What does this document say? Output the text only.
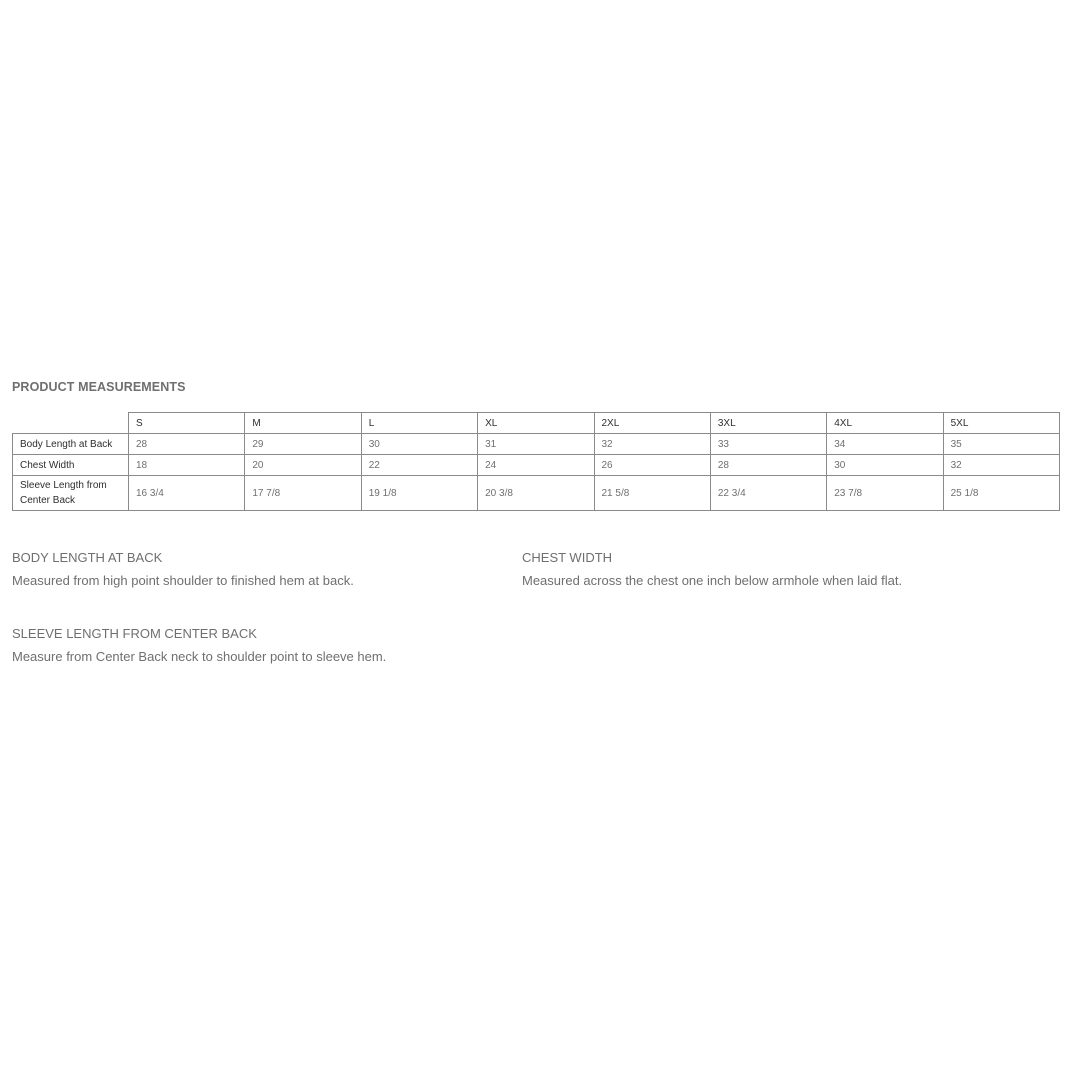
PRODUCT MEASUREMENTS
	S	M	L	XL	2XL	3XL	4XL	5XL
Body Length at Back	28	29	30	31	32	33	34	35
Chest Width	18	20	22	24	26	28	30	32
Sleeve Length from Center Back	16 3/4	17 7/8	19 1/8	20 3/8	21 5/8	22 3/4	23 7/8	25 1/8

BODY LENGTH AT BACK

Measured from high point shoulder to finished hem at back.

CHEST WIDTH

Measured across the chest one inch below armhole when laid flat.

SLEEVE LENGTH FROM CENTER BACK

Measure from Center Back neck to shoulder point to sleeve hem.
